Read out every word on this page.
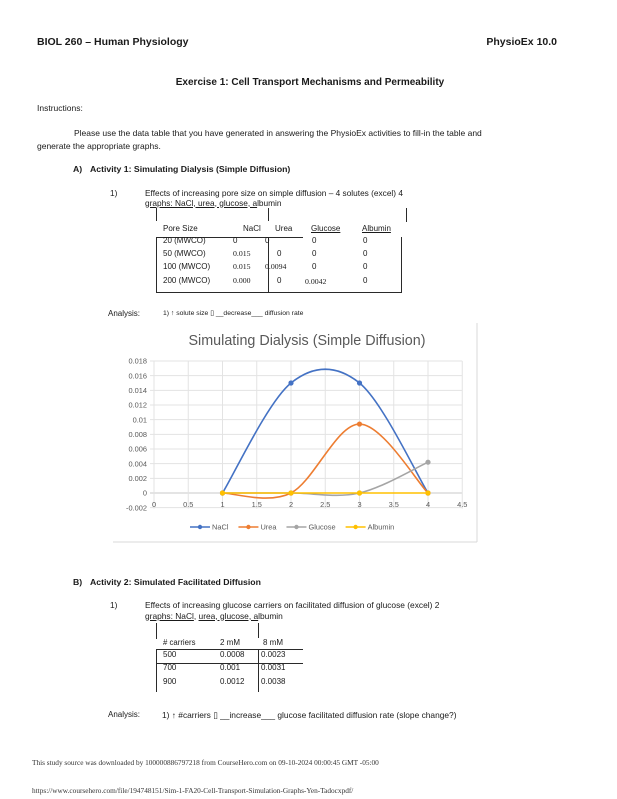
BIOL 260 – Human Physiology	PhysioEx 10.0
Exercise 1: Cell Transport Mechanisms and Permeability
Instructions:
Please use the data table that you have generated in answering the PhysioEx activities to fill-in the table and
generate the appropriate graphs.
A) Activity 1: Simulating Dialysis (Simple Diffusion)
1)	Effects of increasing pore size on simple diffusion – 4 solutes (excel) 4
graphs: NaCl, urea, glucose, albumin
Pore Size	NaCl Urea Glucose	Albumin
20 (MWCO)	0	0	0	0
50 (MWCO)	0.015	0	0	0
100 (MWCO)	0.015 0.0094	0	0
200 (MWCO)	0.000	0	0.0042	0
Analysis:	1) ↑ solute size ▯ __decrease___ diffusion rate
-0.002
0
0.002
0.004
0.006
0.008
0.01
0.012
0.014
0.016
0.018
0	0.5	1	1.5	2	2.5	3	3.5	4	4.5
NaCl	Urea	Glucose	Albumin
Simulating Dialysis (Simple Diffusion)
B) Activity 2: Simulated Facilitated Diffusion
1)	Effects of increasing glucose carriers on facilitated diffusion of glucose (excel) 2
graphs: NaCl, urea, glucose, albumin
# carriers	2 mM	8 mM
500	0.0008 0.0023
700	0.001	0.0031
900	0.0012 0.0038
Analysis:	1) ↑ #carriers ▯ __increase___ glucose facilitated diffusion rate (slope change?)
This study source was downloaded by 100000886797218 from CourseHero.com on 09-10-2024 00:00:45 GMT -05:00
https://www.coursehero.com/file/194748151/Sim-1-FA20-Cell-Transport-Simulation-Graphs-Yen-Tadocxpdf/
